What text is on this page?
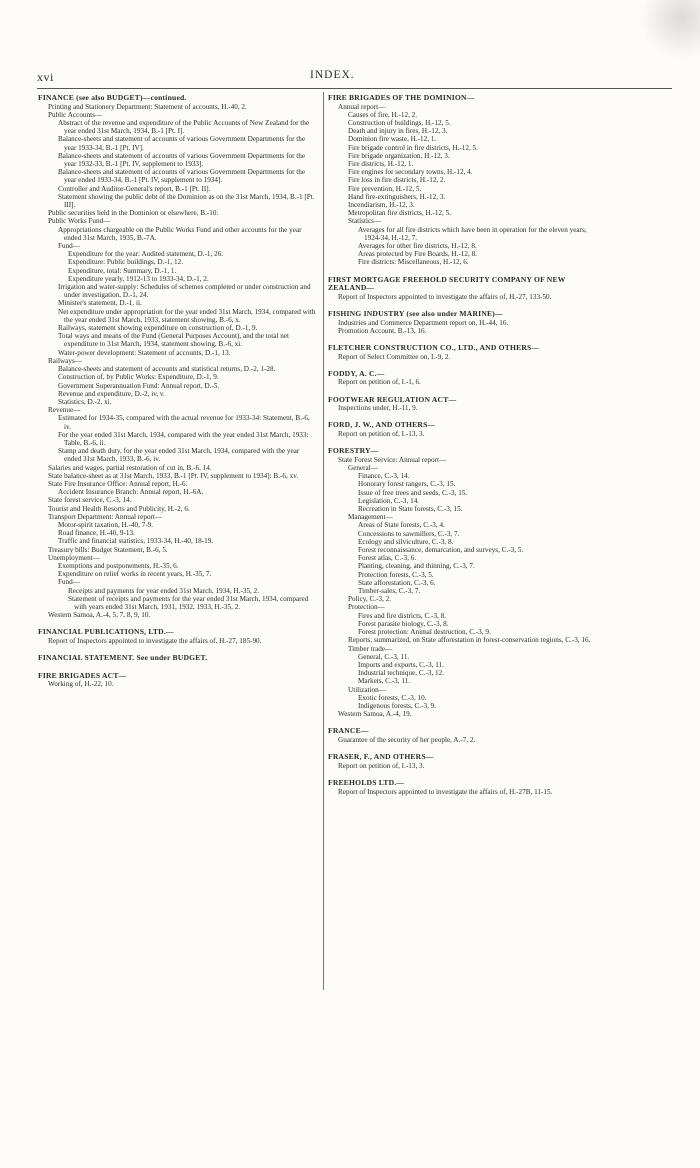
xvi	INDEX.
FINANCE (see also BUDGET)—continued.
Printing and Stationery Department: Statement of accounts, H.-40, 2.
Public Accounts—
Abstract of the revenue and expenditure of the Public Accounts of New Zealand for the year ended 31st March, 1934, B.-1 [Pt. I].
Balance-sheets and statement of accounts of various Government Departments for the year 1933-34, B.-1 [Pt. IV].
Balance-sheets and statement of accounts of various Government Departments for the year 1932-33, B.-1 [Pt. IV, supplement to 1933].
Balance-sheets and statement of accounts of various Government Departments for the year ended 1933-34, B.-1 [Pt. IV, supplement to 1934].
Controller and Auditor-General's report, B.-1 [Pt. II].
Statement showing the public debt of the Dominion as on the 31st March, 1934, B.-1 [Pt. III].
Public securities held in the Dominion or elsewhere, B.-10.
Public Works Fund—
Appropriations chargeable on the Public Works Fund and other accounts for the year ended 31st March, 1935, B.-7A.
Fund—
Expenditure for the year: Audited statement, D.-1, 26.
Expenditure: Public buildings, D.-1, 12.
Expenditure, total: Summary, D.-1, 1.
Expenditure yearly, 1912-13 to 1933-34, D.-1, 2.
Irrigation and water-supply: Schedules of schemes completed or under construction and under investigation, D.-1, 24.
Minister's statement, D.-1, ii.
Net expenditure under appropriation for the year ended 31st March, 1934, compared with the year ended 31st March, 1933, statement showing, B.-6, x.
Railways, statement showing expenditure on construction of, D.-1, 9.
Total ways and means of the Fund (General Purposes Account), and the total net expenditure to 31st March, 1934, statement showing, B.-6, xi.
Water-power development: Statement of accounts, D.-1, 13.
Railways—
Balance-sheets and statement of accounts and statistical returns, D.-2, 1-28.
Construction of, by Public Works: Expenditure, D.-1, 9.
Government Superannuation Fund: Annual report, D.-5.
Revenue and expenditure, D.-2, iv, v.
Statistics, D.-2, xi.
Revenue—
Estimated for 1934-35, compared with the actual revenue for 1933-34: Statement, B.-6, iv.
For the year ended 31st March, 1934, compared with the year ended 31st March, 1933: Table, B.-6, ii.
Stamp and death duty, for the year ended 31st March, 1934, compared with the year ended 31st March, 1933, B.-6, iv.
Salaries and wages, partial restoration of cut in, B.-6, 14.
State balance-sheet as at 31st March, 1933, B.-1 [Pt. IV, supplement to 1934]: B.-6, xv.
State Fire Insurance Office: Annual report, H.-6.
Accident Insurance Branch: Annual report, H.-6A.
State forest service, C.-3, 14.
Tourist and Health Resorts and Publicity, H.-2, 6.
Transport Department: Annual report—
Motor-spirit taxation, H.-40, 7-9.
Road finance, H.-40, 9-13.
Traffic and financial statistics, 1933-34, H.-40, 18-19.
Treasury bills: Budget Statement, B.-6, 5.
Unemployment—
Exemptions and postponements, H.-35, 6.
Expenditure on relief works in recent years, H.-35, 7.
Fund—
Receipts and payments for year ended 31st March, 1934, H.-35, 2.
Statement of receipts and payments for the year ended 31st March, 1934, compared with years ended 31st March, 1931, 1932, 1933, H.-35, 2.
Western Samoa, A.-4, 5, 7, 8, 9, 10.
FINANCIAL PUBLICATIONS, LTD.—
Report of Inspectors appointed to investigate the affairs of, H.-27, 185-90.
FINANCIAL STATEMENT. See under BUDGET.
FIRE BRIGADES ACT—
Working of, H.-22, 10.
FIRE BRIGADES OF THE DOMINION—
Annual report—
Causes of fire, H.-12, 2.
Construction of buildings, H.-12, 5.
Death and injury in fires, H.-12, 3.
Dominion fire waste, H.-12, 1.
Fire brigade control in fire districts, H.-12, 5.
Fire brigade organization, H.-12, 3.
Fire districts, H.-12, 1.
Fire engines for secondary towns, H.-12, 4.
Fire loss in fire districts, H.-12, 2.
Fire prevention, H.-12, 5.
Hand fire-extinguishers, H.-12, 3.
Incendiarism, H.-12, 3.
Metropolitan fire districts, H.-12, 5.
Statistics—
Averages for all fire districts which have been in operation for the eleven years, 1924-34, H.-12, 7.
Averages for other fire districts, H.-12, 8.
Areas protected by Fire Boards, H.-12, 8.
Fire districts: Miscellaneous, H.-12, 6.
FIRST MORTGAGE FREEHOLD SECURITY COMPANY OF NEW ZEALAND—
Report of Inspectors appointed to investigate the affairs of, H.-27, 133-50.
FISHING INDUSTRY (see also under MARINE)—
Industries and Commerce Department report on, H.-44, 16.
Promotion Account, B.-13, 16.
FLETCHER CONSTRUCTION CO., LTD., AND OTHERS—
Report of Select Committee on, I.-9, 2.
FODDY, A. C.—
Report on petition of, I.-1, 6.
FOOTWEAR REGULATION ACT—
Inspections under, H.-11, 9.
FORD, J. W., AND OTHERS—
Report on petition of, I.-13, 3.
FORESTRY—
State Forest Service: Annual report—
General—
Finance, C.-3, 14.
Honorary forest rangers, C.-3, 15.
Issue of free trees and seeds, C.-3, 15.
Legislation, C.-3, 14.
Recreation in State forests, C.-3, 15.
Management—
Areas of State forests, C.-3, 4.
Concessions to sawmillers, C.-3, 7.
Ecology and silviculture, C.-3, 8.
Forest reconnaissance, demarcation, and surveys, C.-3, 5.
Forest atlas, C.-3, 6.
Planting, cleaning, and thinning, C.-3, 7.
Protection forests, C.-3, 5.
State afforestation, C.-3, 6.
Timber-sales, C.-3, 7.
Policy, C.-3, 2.
Protection—
Fires and fire districts, C.-3, 8.
Forest parasite biology, C.-3, 8.
Forest protection: Animal destruction, C.-3, 9.
Reports, summarized, on State afforestation in forest-conservation regions, C.-3, 16.
Timber trade—
General, C.-3, 11.
Imports and exports, C.-3, 11.
Industrial technique, C.-3, 12.
Markets, C.-3, 11.
Utilization—
Exotic forests, C.-3, 10.
Indigenous forests, C.-3, 9.
Western Samoa, A.-4, 19.
FRANCE—
Guarantee of the security of her people, A.-7, 2.
FRASER, F., AND OTHERS—
Report on petition of, I.-13, 3.
FREEHOLDS LTD.—
Report of Inspectors appointed to investigate the affairs of, H.-27B, 11-15.
